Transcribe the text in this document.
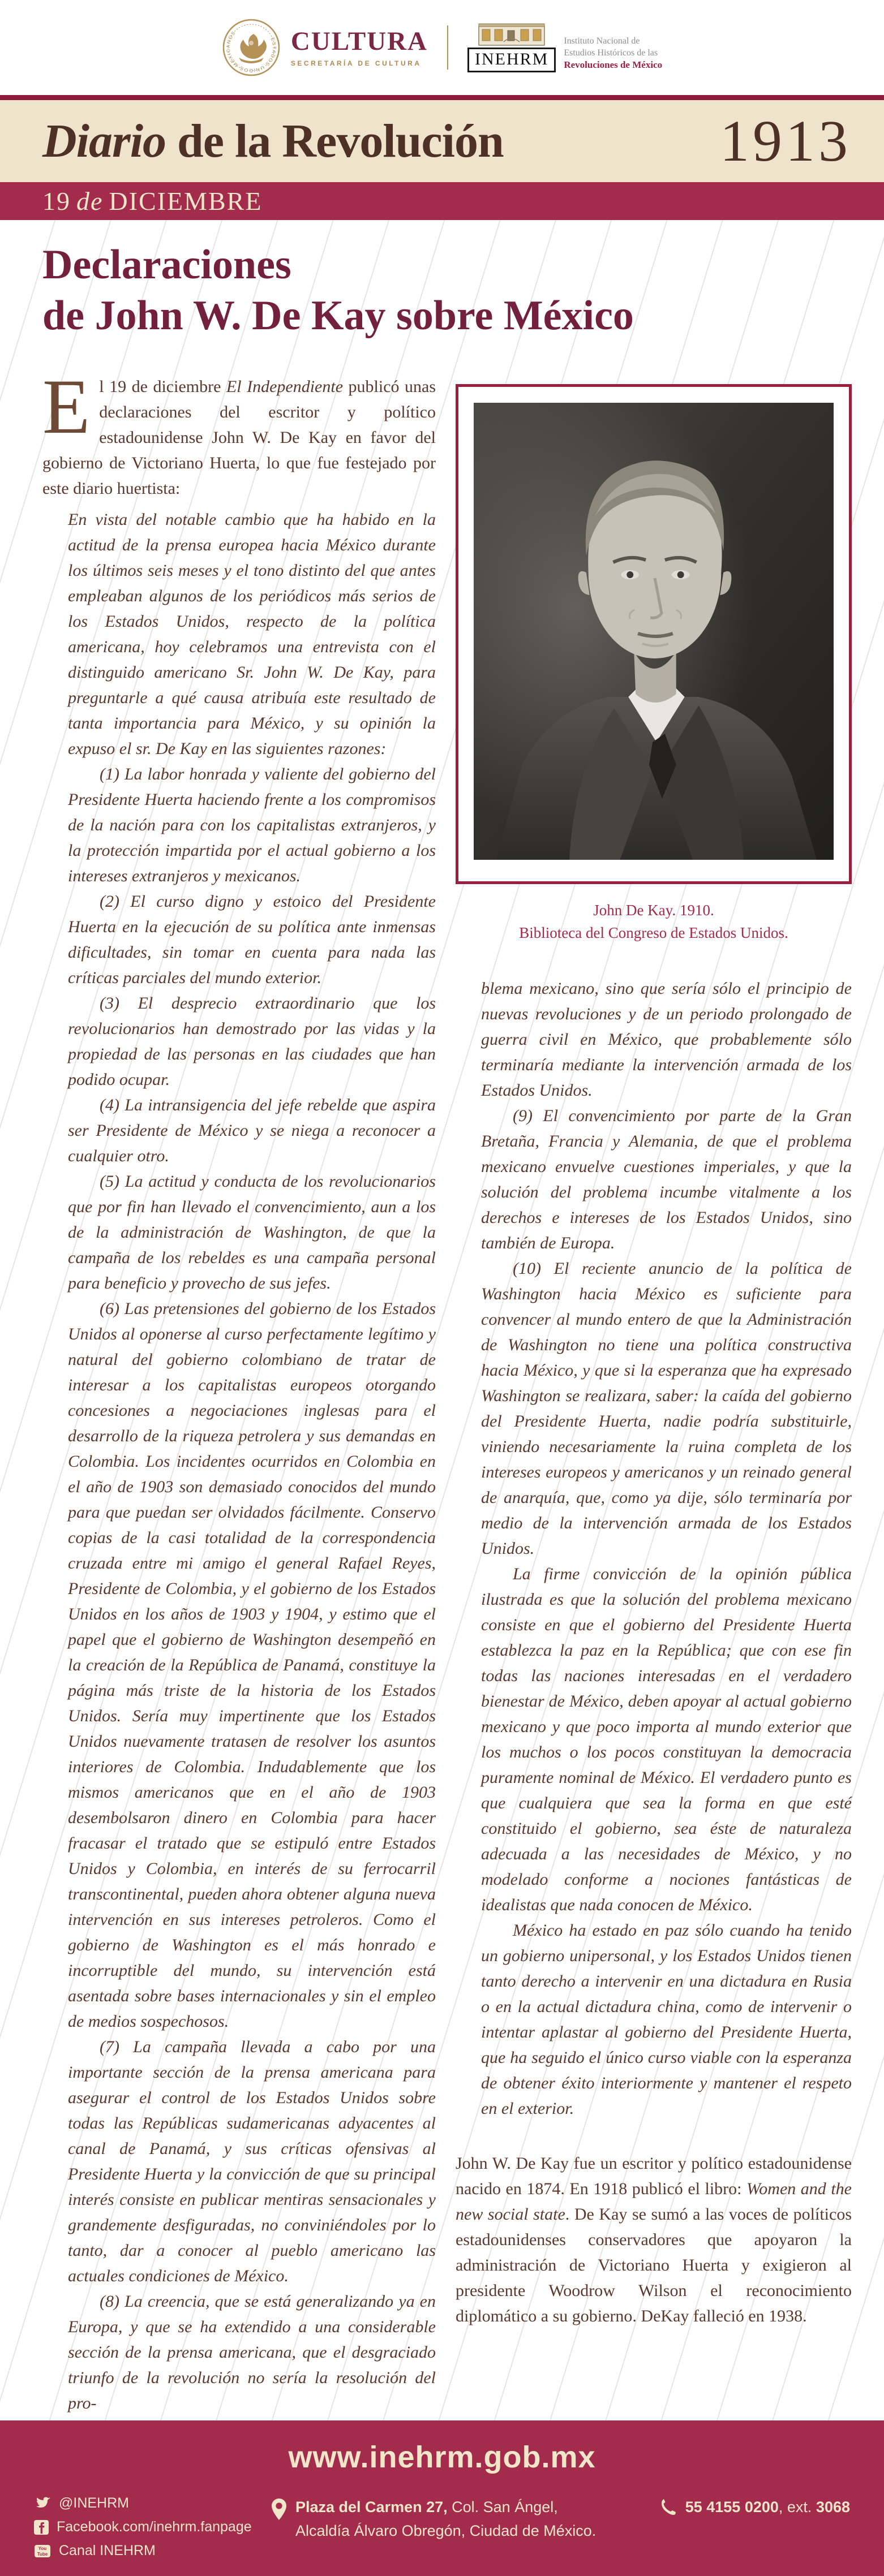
ESTADOS UNIDOS MEXICANOS	CULTURA
SECRETARÍA DE CULTURA	INEHRM
Instituto Nacional de
Estudios Históricos de las
Revoluciones de México
Diario de la Revolución	1913
19 de DICIEMBRE
Declaraciones
de John W. De Kay sobre México

El 19 de diciembre El Independiente publicó unas declaraciones del escritor y político estadounidense John W. De Kay en favor del gobierno de Victoriano Huerta, lo que fue festejado por este diario huertista:

En vista del notable cambio que ha habido en la actitud de la prensa europea hacia México durante los últimos seis meses y el tono distinto del que antes empleaban algunos de los periódicos más serios de los Estados Unidos, respecto de la política americana, hoy celebramos una entrevista con el distinguido americano Sr. John W. De Kay, para preguntarle a qué causa atribuía este resultado de tanta importancia para México, y su opinión la expuso el sr. De Kay en las siguientes razones:

(1) La labor honrada y valiente del gobierno del Presidente Huerta haciendo frente a los compromisos de la nación para con los capitalistas extranjeros, y la protección impartida por el actual gobierno a los intereses extranjeros y mexicanos.

(2) El curso digno y estoico del Presidente Huerta en la ejecución de su política ante inmensas dificultades, sin tomar en cuenta para nada las críticas parciales del mundo exterior.

(3) El desprecio extraordinario que los revolucionarios han demostrado por las vidas y la propiedad de las personas en las ciudades que han podido ocupar.

(4) La intransigencia del jefe rebelde que aspira ser Presidente de México y se niega a reconocer a cualquier otro.

(5) La actitud y conducta de los revolucionarios que por fin han llevado el convencimiento, aun a los de la administración de Washington, de que la campaña de los rebeldes es una campaña personal para beneficio y provecho de sus jefes.

(6) Las pretensiones del gobierno de los Estados Unidos al oponerse al curso perfectamente legítimo y natural del gobierno colombiano de tratar de interesar a los capitalistas europeos otorgando concesiones a negociaciones inglesas para el desarrollo de la riqueza petrolera y sus demandas en Colombia. Los incidentes ocurridos en Colombia en el año de 1903 son demasiado conocidos del mundo para que puedan ser olvidados fácilmente. Conservo copias de la casi totalidad de la correspondencia cruzada entre mi amigo el general Rafael Reyes, Presidente de Colombia, y el gobierno de los Estados Unidos en los años de 1903 y 1904, y estimo que el papel que el gobierno de Washington desempeñó en la creación de la República de Panamá, constituye la página más triste de la historia de los Estados Unidos. Sería muy impertinente que los Estados Unidos nuevamente tratasen de resolver los asuntos interiores de Colombia. Indudablemente que los mismos americanos que en el año de 1903 desembolsaron dinero en Colombia para hacer fracasar el tratado que se estipuló entre Estados Unidos y Colombia, en interés de su ferrocarril transcontinental, pueden ahora obtener alguna nueva intervención en sus intereses petroleros. Como el gobierno de Washington es el más honrado e incorruptible del mundo, su intervención está asentada sobre bases internacionales y sin el empleo de medios sospechosos.

(7) La campaña llevada a cabo por una importante sección de la prensa americana para asegurar el control de los Estados Unidos sobre todas las Repúblicas sudamericanas adyacentes al canal de Panamá, y sus críticas ofensivas al Presidente Huerta y la convicción de que su principal interés consiste en publicar mentiras sensacionales y grandemente desfiguradas, no conviniéndoles por lo tanto, dar a conocer al pueblo americano las actuales condiciones de México.

(8) La creencia, que se está generalizando ya en Europa, y que se ha extendido a una considerable sección de la prensa americana, que el desgraciado triunfo de la revolución no sería la resolución del pro-

John De Kay. 1910.
Biblioteca del Congreso de Estados Unidos.

blema mexicano, sino que sería sólo el principio de nuevas revoluciones y de un periodo prolongado de guerra civil en México, que probablemente sólo terminaría mediante la intervención armada de los Estados Unidos.

(9) El convencimiento por parte de la Gran Bretaña, Francia y Alemania, de que el problema mexicano envuelve cuestiones imperiales, y que la solución del problema incumbe vitalmente a los derechos e intereses de los Estados Unidos, sino también de Europa.

(10) El reciente anuncio de la política de Washington hacia México es suficiente para convencer al mundo entero de que la Administración de Washington no tiene una política constructiva hacia México, y que si la esperanza que ha expresado Washington se realizara, saber: la caída del gobierno del Presidente Huerta, nadie podría substituirle, viniendo necesariamente la ruina completa de los intereses europeos y americanos y un reinado general de anarquía, que, como ya dije, sólo terminaría por medio de la intervención armada de los Estados Unidos.

La firme convicción de la opinión pública ilustrada es que la solución del problema mexicano consiste en que el gobierno del Presidente Huerta establezca la paz en la República; que con ese fin todas las naciones interesadas en el verdadero bienestar de México, deben apoyar al actual gobierno mexicano y que poco importa al mundo exterior que los muchos o los pocos constituyan la democracia puramente nominal de México. El verdadero punto es que cualquiera que sea la forma en que esté constituido el gobierno, sea éste de naturaleza adecuada a las necesidades de México, y no modelado conforme a nociones fantásticas de idealistas que nada conocen de México.

México ha estado en paz sólo cuando ha tenido un gobierno unipersonal, y los Estados Unidos tienen tanto derecho a intervenir en una dictadura en Rusia o en la actual dictadura china, como de intervenir o intentar aplastar al gobierno del Presidente Huerta, que ha seguido el único curso viable con la esperanza de obtener éxito interiormente y mantener el respeto en el exterior.

John W. De Kay fue un escritor y político estadounidense nacido en 1874. En 1918 publicó el libro: Women and the new social state. De Kay se sumó a las voces de políticos estadounidenses conservadores que apoyaron la administración de Victoriano Huerta y exigieron al presidente Woodrow Wilson el reconocimiento diplomático a su gobierno. DeKay falleció en 1938.

www.inehrm.gob.mx
@INEHRM
Facebook.com/inehrm.fanpage
You
Tube Canal INEHRM
Plaza del Carmen 27, Col. San Ángel,
Alcaldía Álvaro Obregón, Ciudad de México.
55 4155 0200, ext. 3068
